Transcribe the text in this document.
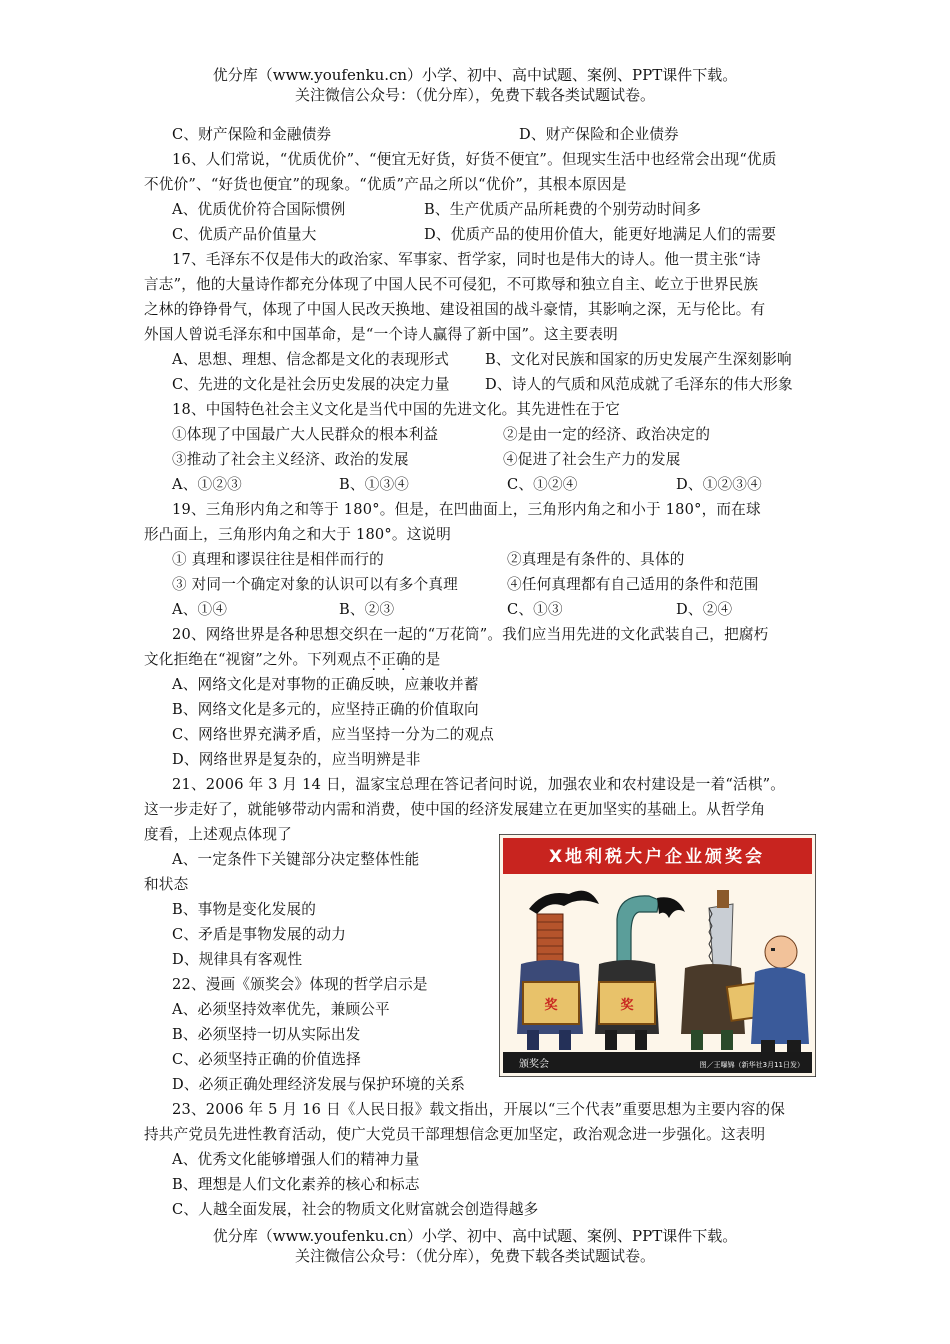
优分库（www.youfenku.cn）小学、初中、高中试题、案例、PPT课件下载。
关注微信公众号：（优分库），免费下载各类试题试卷。
C、财产保险和金融债券	D、财产保险和企业债券
16、人们常说，“优质优价”、“便宜无好货，好货不便宜”。但现实生活中也经常会出现“优质
不优价”、“好货也便宜”的现象。“优质”产品之所以“优价”，其根本原因是
A、优质优价符合国际惯例	B、生产优质产品所耗费的个别劳动时间多
C、优质产品价值量大	D、优质产品的使用价值大，能更好地满足人们的需要
17、毛泽东不仅是伟大的政治家、军事家、哲学家，同时也是伟大的诗人。他一贯主张“诗
言志”，他的大量诗作都充分体现了中国人民不可侵犯，不可欺辱和独立自主、屹立于世界民族
之林的铮铮骨气，体现了中国人民改天换地、建设祖国的战斗豪情，其影响之深，无与伦比。有
外国人曾说毛泽东和中国革命，是“一个诗人赢得了新中国”。这主要表明
A、思想、理想、信念都是文化的表现形式 B、文化对民族和国家的历史发展产生深刻影响
C、先进的文化是社会历史发展的决定力量 D、诗人的气质和风范成就了毛泽东的伟大形象
18、中国特色社会主义文化是当代中国的先进文化。其先进性在于它
①体现了中国最广大人民群众的根本利益	②是由一定的经济、政治决定的
③推动了社会主义经济、政治的发展	④促进了社会生产力的发展
A、①②③	B、①③④	C、①②④	D、①②③④
19、三角形内角之和等于 180°。但是，在凹曲面上，三角形内角之和小于 180°，而在球
形凸面上，三角形内角之和大于 180°。这说明
① 真理和谬误往往是相伴而行的	②真理是有条件的、具体的
③ 对同一个确定对象的认识可以有多个真理	④任何真理都有自己适用的条件和范围
A、①④	B、②③	C、①③	D、②④
20、网络世界是各种思想交织在一起的“万花筒”。我们应当用先进的文化武装自己，把腐朽
文化拒绝在“视窗”之外。下列观点不正确的是
A、网络文化是对事物的正确反映，应兼收并蓄
B、网络文化是多元的，应坚持正确的价值取向
C、网络世界充满矛盾，应当坚持一分为二的观点
D、网络世界是复杂的，应当明辨是非
21、2006 年 3 月 14 日，温家宝总理在答记者问时说，加强农业和农村建设是一着“活棋”。
这一步走好了，就能够带动内需和消费，使中国的经济发展建立在更加坚实的基础上。从哲学角
度看，上述观点体现了
A、一定条件下关键部分决定整体性能
和状态
B、事物是变化发展的
C、矛盾是事物发展的动力
D、规律具有客观性
22、漫画《颁奖会》体现的哲学启示是
A、必须坚持效率优先，兼顾公平
B、必须坚持一切从实际出发
C、必须坚持正确的价值选择
D、必须正确处理经济发展与保护环境的关系
23、2006 年 5 月 16 日《人民日报》载文指出，开展以“三个代表”重要思想为主要内容的保
持共产党员先进性教育活动，使广大党员干部理想信念更加坚定，政治观念进一步强化。这表明
A、优秀文化能够增强人们的精神力量
B、理想是人们文化素养的核心和标志
C、人越全面发展，社会的物质文化财富就会创造得越多
优分库（www.youfenku.cn）小学、初中、高中试题、案例、PPT课件下载。
关注微信公众号：（优分库），免费下载各类试题试卷。
X地利税大户企业颁奖会
颁奖会	图／王曝锦（新华社3月11日发）
奖	奖
